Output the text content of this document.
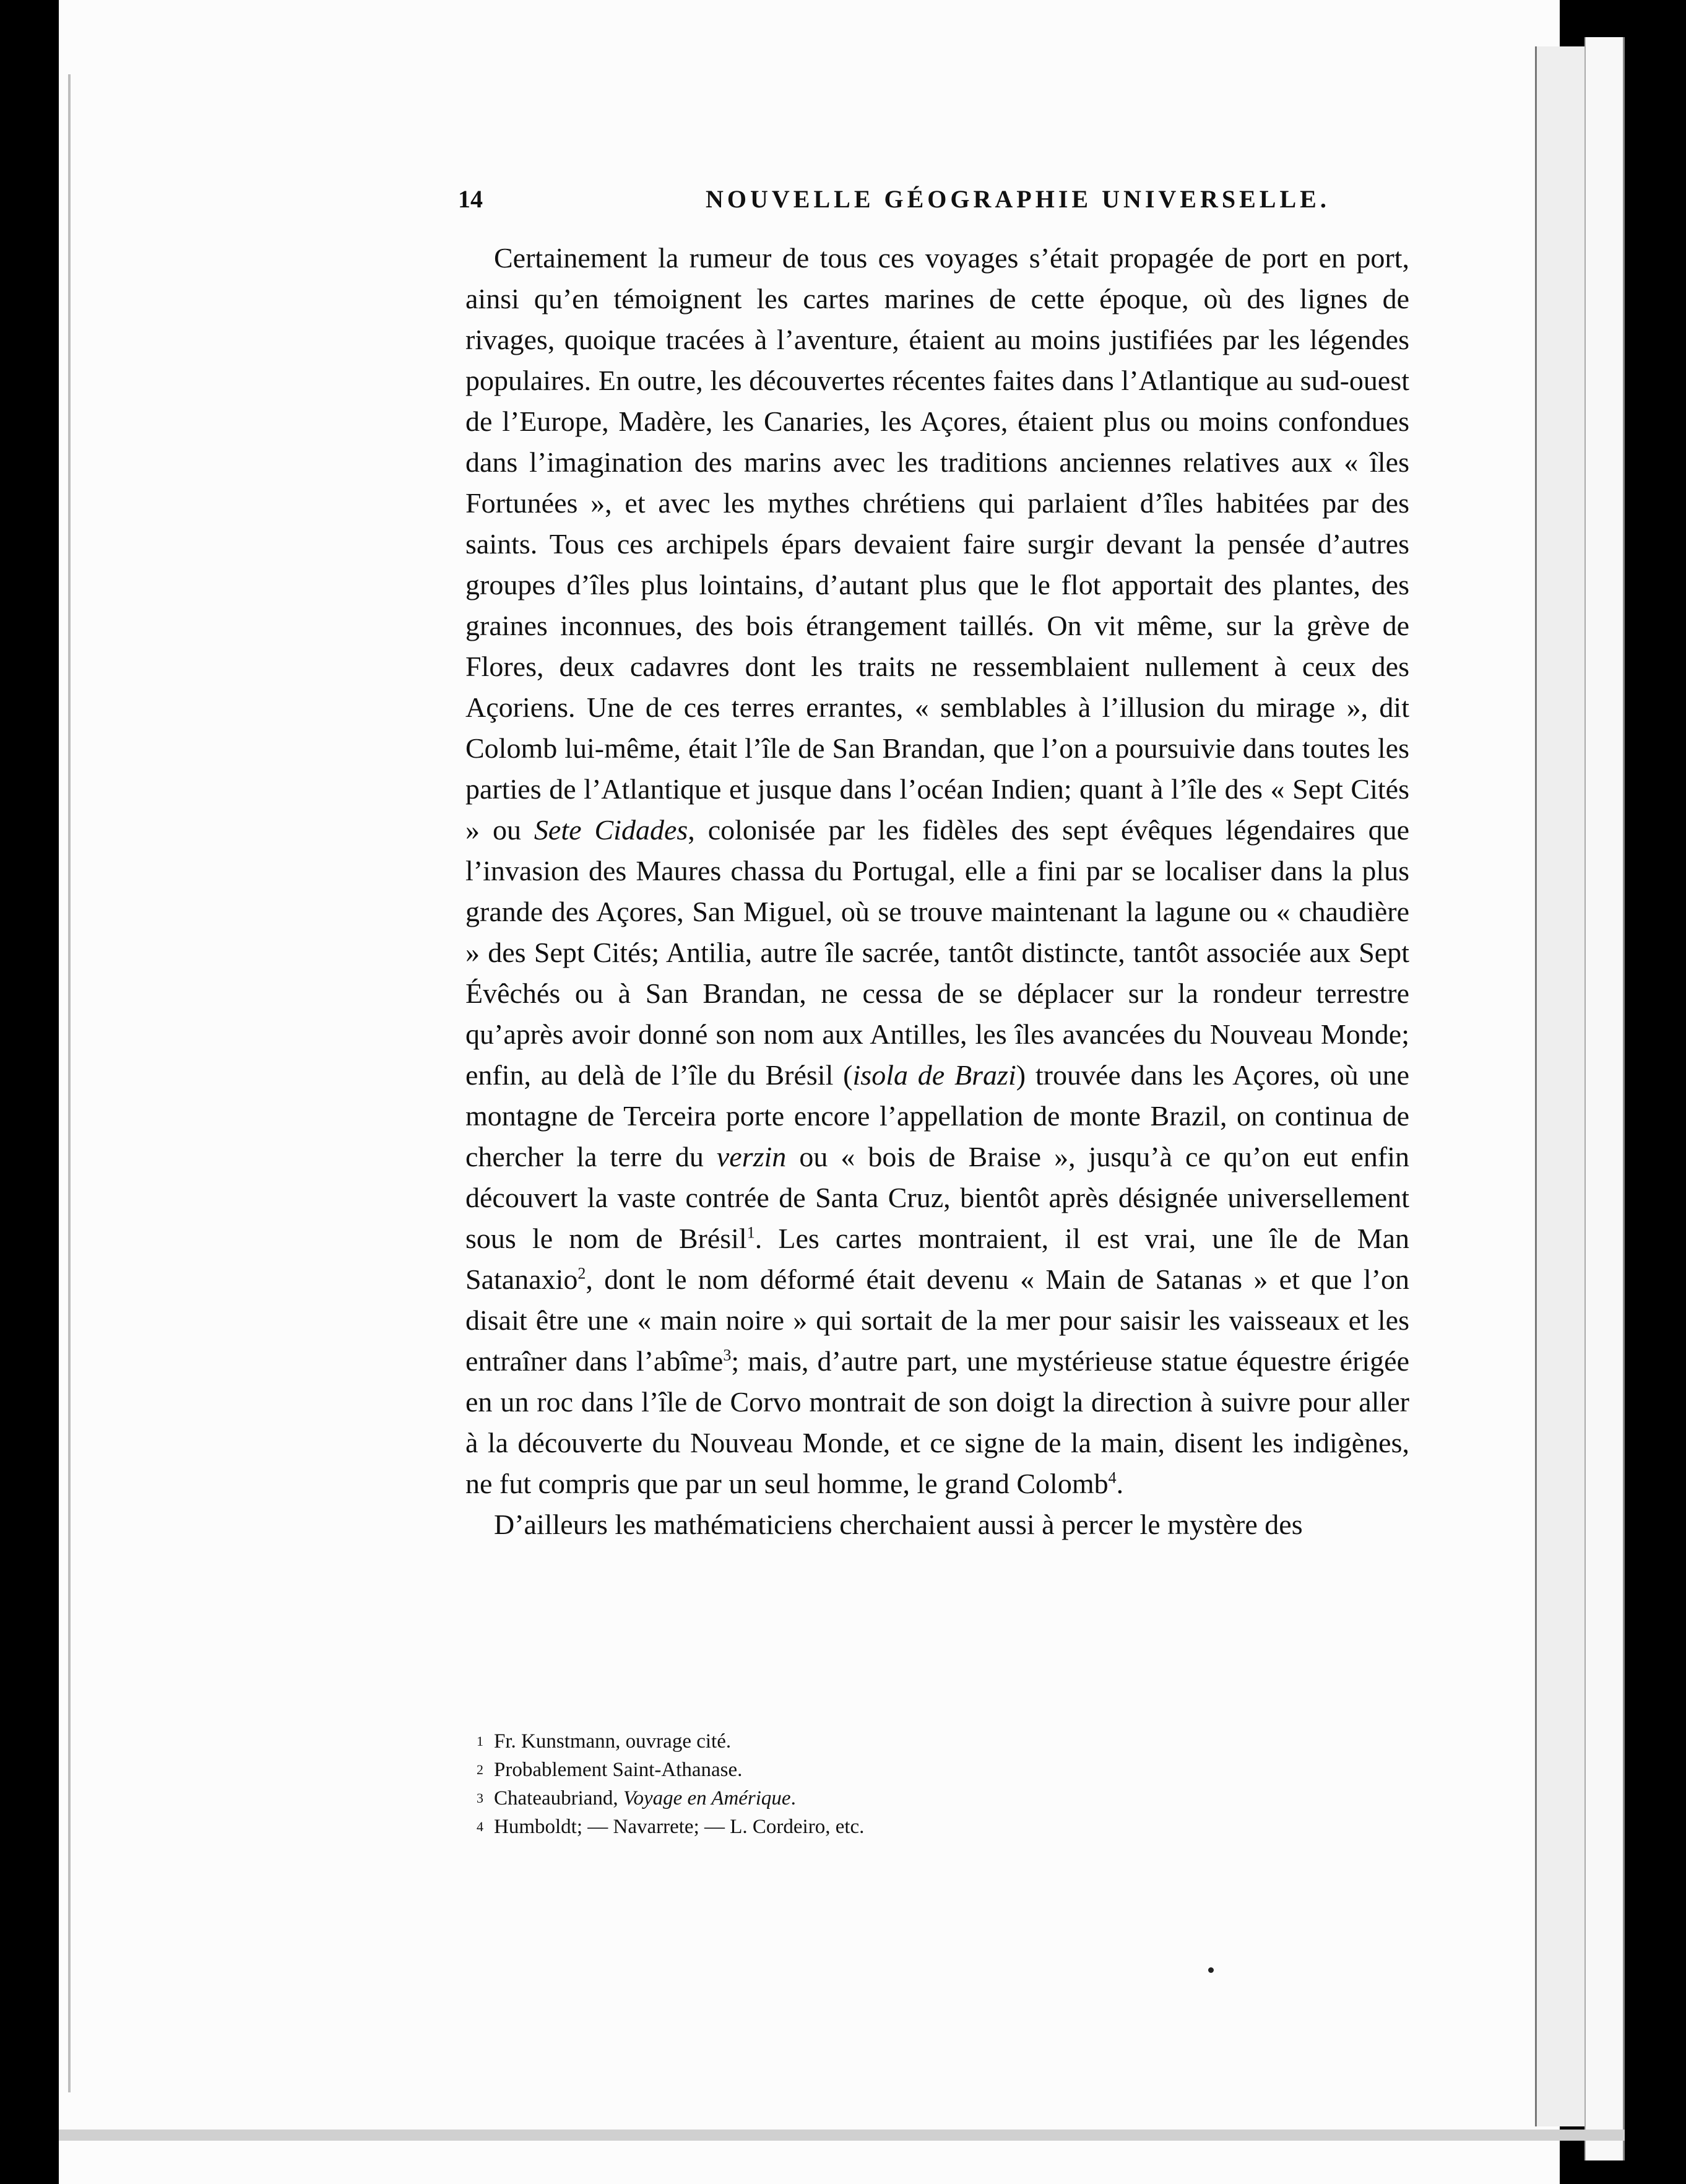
14	NOUVELLE GÉOGRAPHIE UNIVERSELLE.

Certainement la rumeur de tous ces voyages s’était propagée de port en port, ainsi qu’en témoignent les cartes marines de cette époque, où des lignes de rivages, quoique tracées à l’aventure, étaient au moins justifiées par les légendes populaires. En outre, les découvertes récentes faites dans l’Atlantique au sud-ouest de l’Europe, Madère, les Canaries, les Açores, étaient plus ou moins confondues dans l’imagination des marins avec les traditions anciennes relatives aux « îles Fortunées », et avec les mythes chrétiens qui parlaient d’îles habitées par des saints. Tous ces archipels épars devaient faire surgir devant la pensée d’autres groupes d’îles plus lointains, d’autant plus que le flot apportait des plantes, des graines inconnues, des bois étrangement taillés. On vit même, sur la grève de Flores, deux cadavres dont les traits ne ressemblaient nullement à ceux des Açoriens. Une de ces terres errantes, « semblables à l’illusion du mirage », dit Colomb lui-même, était l’île de San Brandan, que l’on a poursuivie dans toutes les parties de l’Atlantique et jusque dans l’océan Indien; quant à l’île des « Sept Cités » ou Sete Cidades, colonisée par les fidèles des sept évêques légendaires que l’invasion des Maures chassa du Portugal, elle a fini par se localiser dans la plus grande des Açores, San Miguel, où se trouve maintenant la lagune ou « chaudière » des Sept Cités; Antilia, autre île sacrée, tantôt distincte, tantôt associée aux Sept Évêchés ou à San Brandan, ne cessa de se déplacer sur la rondeur terrestre qu’après avoir donné son nom aux Antilles, les îles avancées du Nouveau Monde; enfin, au delà de l’île du Brésil (isola de Brazi) trouvée dans les Açores, où une montagne de Terceira porte encore l’appellation de monte Brazil, on continua de chercher la terre du verzin ou « bois de Braise », jusqu’à ce qu’on eut enfin découvert la vaste contrée de Santa Cruz, bientôt après désignée universellement sous le nom de Brésil$^1$. Les cartes montraient, il est vrai, une île de Man Satanaxio$^2$, dont le nom déformé était devenu « Main de Satanas » et que l’on disait être une « main noire » qui sortait de la mer pour saisir les vaisseaux et les entraîner dans l’abîme$^3$; mais, d’autre part, une mystérieuse statue équestre érigée en un roc dans l’île de Corvo montrait de son doigt la direction à suivre pour aller à la découverte du Nouveau Monde, et ce signe de la main, disent les indigènes, ne fut compris que par un seul homme, le grand Colomb$^4$.

D’ailleurs les mathématiciens cherchaient aussi à percer le mystère des

1 Fr. Kunstmann, ouvrage cité.
2 Probablement Saint-Athanase.
3 Chateaubriand, Voyage en Amérique.
4 Humboldt; — Navarrete; — L. Cordeiro, etc.
